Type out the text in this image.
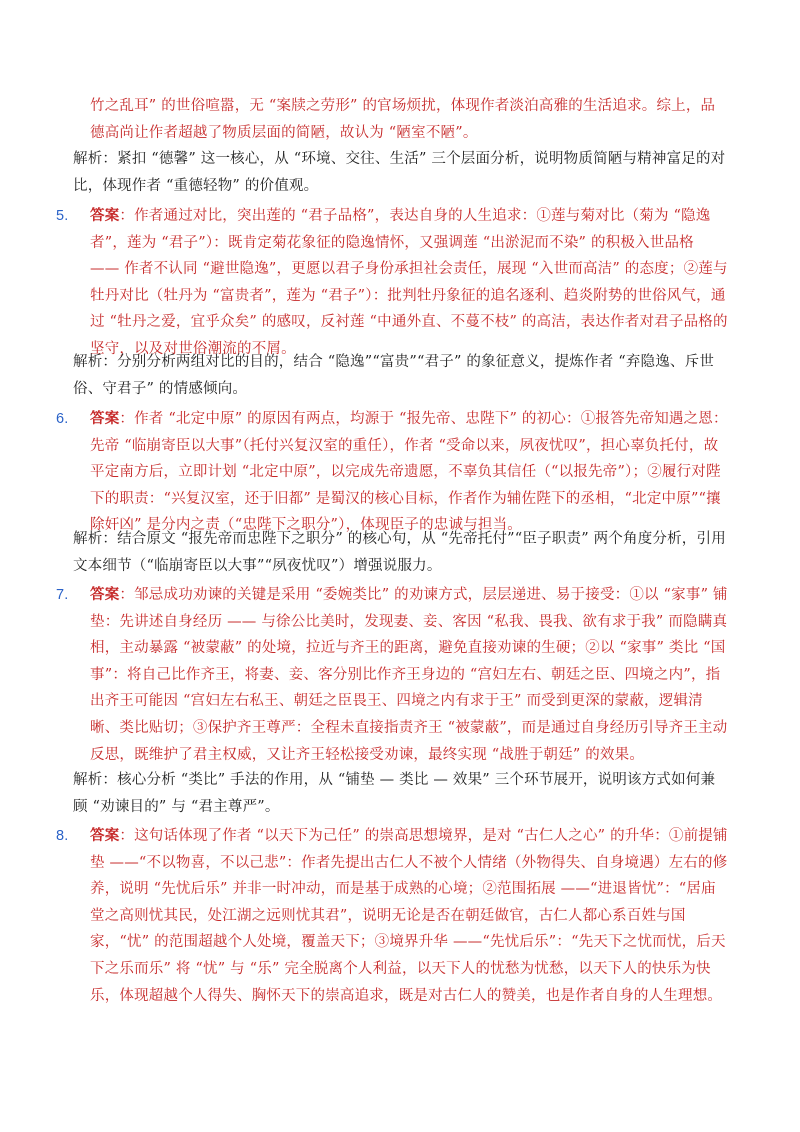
竹之乱耳” 的世俗喧嚣，无 “案牍之劳形” 的官场烦扰，体现作者淡泊高雅的生活追求。综上，品德高尚让作者超越了物质层面的简陋，故认为 “陋室不陋”。

解析：紧扣 “德馨” 这一核心，从 “环境、交往、生活” 三个层面分析，说明物质简陋与精神富足的对比，体现作者 “重德轻物” 的价值观。

5. 答案：作者通过对比，突出莲的 “君子品格”，表达自身的人生追求：①莲与菊对比（菊为 “隐逸者”，莲为 “君子”）：既肯定菊花象征的隐逸情怀，又强调莲 “出淤泥而不染” 的积极入世品格 —— 作者不认同 “避世隐逸”，更愿以君子身份承担社会责任，展现 “入世而高洁” 的态度；②莲与牡丹对比（牡丹为 “富贵者”，莲为 “君子”）：批判牡丹象征的追名逐利、趋炎附势的世俗风气，通过 “牡丹之爱，宜乎众矣” 的感叹，反衬莲 “中通外直、不蔓不枝” 的高洁，表达作者对君子品格的坚守，以及对世俗潮流的不屑。

解析：分别分析两组对比的目的，结合 “隐逸”“富贵”“君子” 的象征意义，提炼作者 “弃隐逸、斥世俗、守君子” 的情感倾向。

6. 答案：作者 “北定中原” 的原因有两点，均源于 “报先帝、忠陛下” 的初心：①报答先帝知遇之恩：先帝 “临崩寄臣以大事”（托付兴复汉室的重任），作者 “受命以来，夙夜忧叹”，担心辜负托付，故平定南方后，立即计划 “北定中原”，以完成先帝遗愿，不辜负其信任（“以报先帝”）；②履行对陛下的职责：“兴复汉室，还于旧都” 是蜀汉的核心目标，作者作为辅佐陛下的丞相，“北定中原”“攘除奸凶” 是分内之责（“忠陛下之职分”），体现臣子的忠诚与担当。

解析：结合原文 “报先帝而忠陛下之职分” 的核心句，从 “先帝托付”“臣子职责” 两个角度分析，引用文本细节（“临崩寄臣以大事”“夙夜忧叹”）增强说服力。

7. 答案：邹忌成功劝谏的关键是采用 “委婉类比” 的劝谏方式，层层递进、易于接受：①以 “家事” 铺垫：先讲述自身经历 —— 与徐公比美时，发现妻、妾、客因 “私我、畏我、欲有求于我” 而隐瞒真相，主动暴露 “被蒙蔽” 的处境，拉近与齐王的距离，避免直接劝谏的生硬；②以 “家事” 类比 “国事”：将自己比作齐王，将妻、妾、客分别比作齐王身边的 “宫妇左右、朝廷之臣、四境之内”，指出齐王可能因 “宫妇左右私王、朝廷之臣畏王、四境之内有求于王” 而受到更深的蒙蔽，逻辑清晰、类比贴切；③保护齐王尊严：全程未直接指责齐王 “被蒙蔽”，而是通过自身经历引导齐王主动反思，既维护了君主权威，又让齐王轻松接受劝谏，最终实现 “战胜于朝廷” 的效果。

解析：核心分析 “类比” 手法的作用，从 “铺垫 — 类比 — 效果” 三个环节展开，说明该方式如何兼顾 “劝谏目的” 与 “君主尊严”。

8. 答案：这句话体现了作者 “以天下为己任” 的崇高思想境界，是对 “古仁人之心” 的升华：①前提铺垫 ——“不以物喜，不以己悲”：作者先提出古仁人不被个人情绪（外物得失、自身境遇）左右的修养，说明 “先忧后乐” 并非一时冲动，而是基于成熟的心境；②范围拓展 ——“进退皆忧”：“居庙堂之高则忧其民，处江湖之远则忧其君”，说明无论是否在朝廷做官，古仁人都心系百姓与国家，“忧” 的范围超越个人处境，覆盖天下；③境界升华 ——“先忧后乐”：“先天下之忧而忧，后天下之乐而乐” 将 “忧” 与 “乐” 完全脱离个人利益，以天下人的忧愁为忧愁，以天下人的快乐为快乐，体现超越个人得失、胸怀天下的崇高追求，既是对古仁人的赞美，也是作者自身的人生理想。
